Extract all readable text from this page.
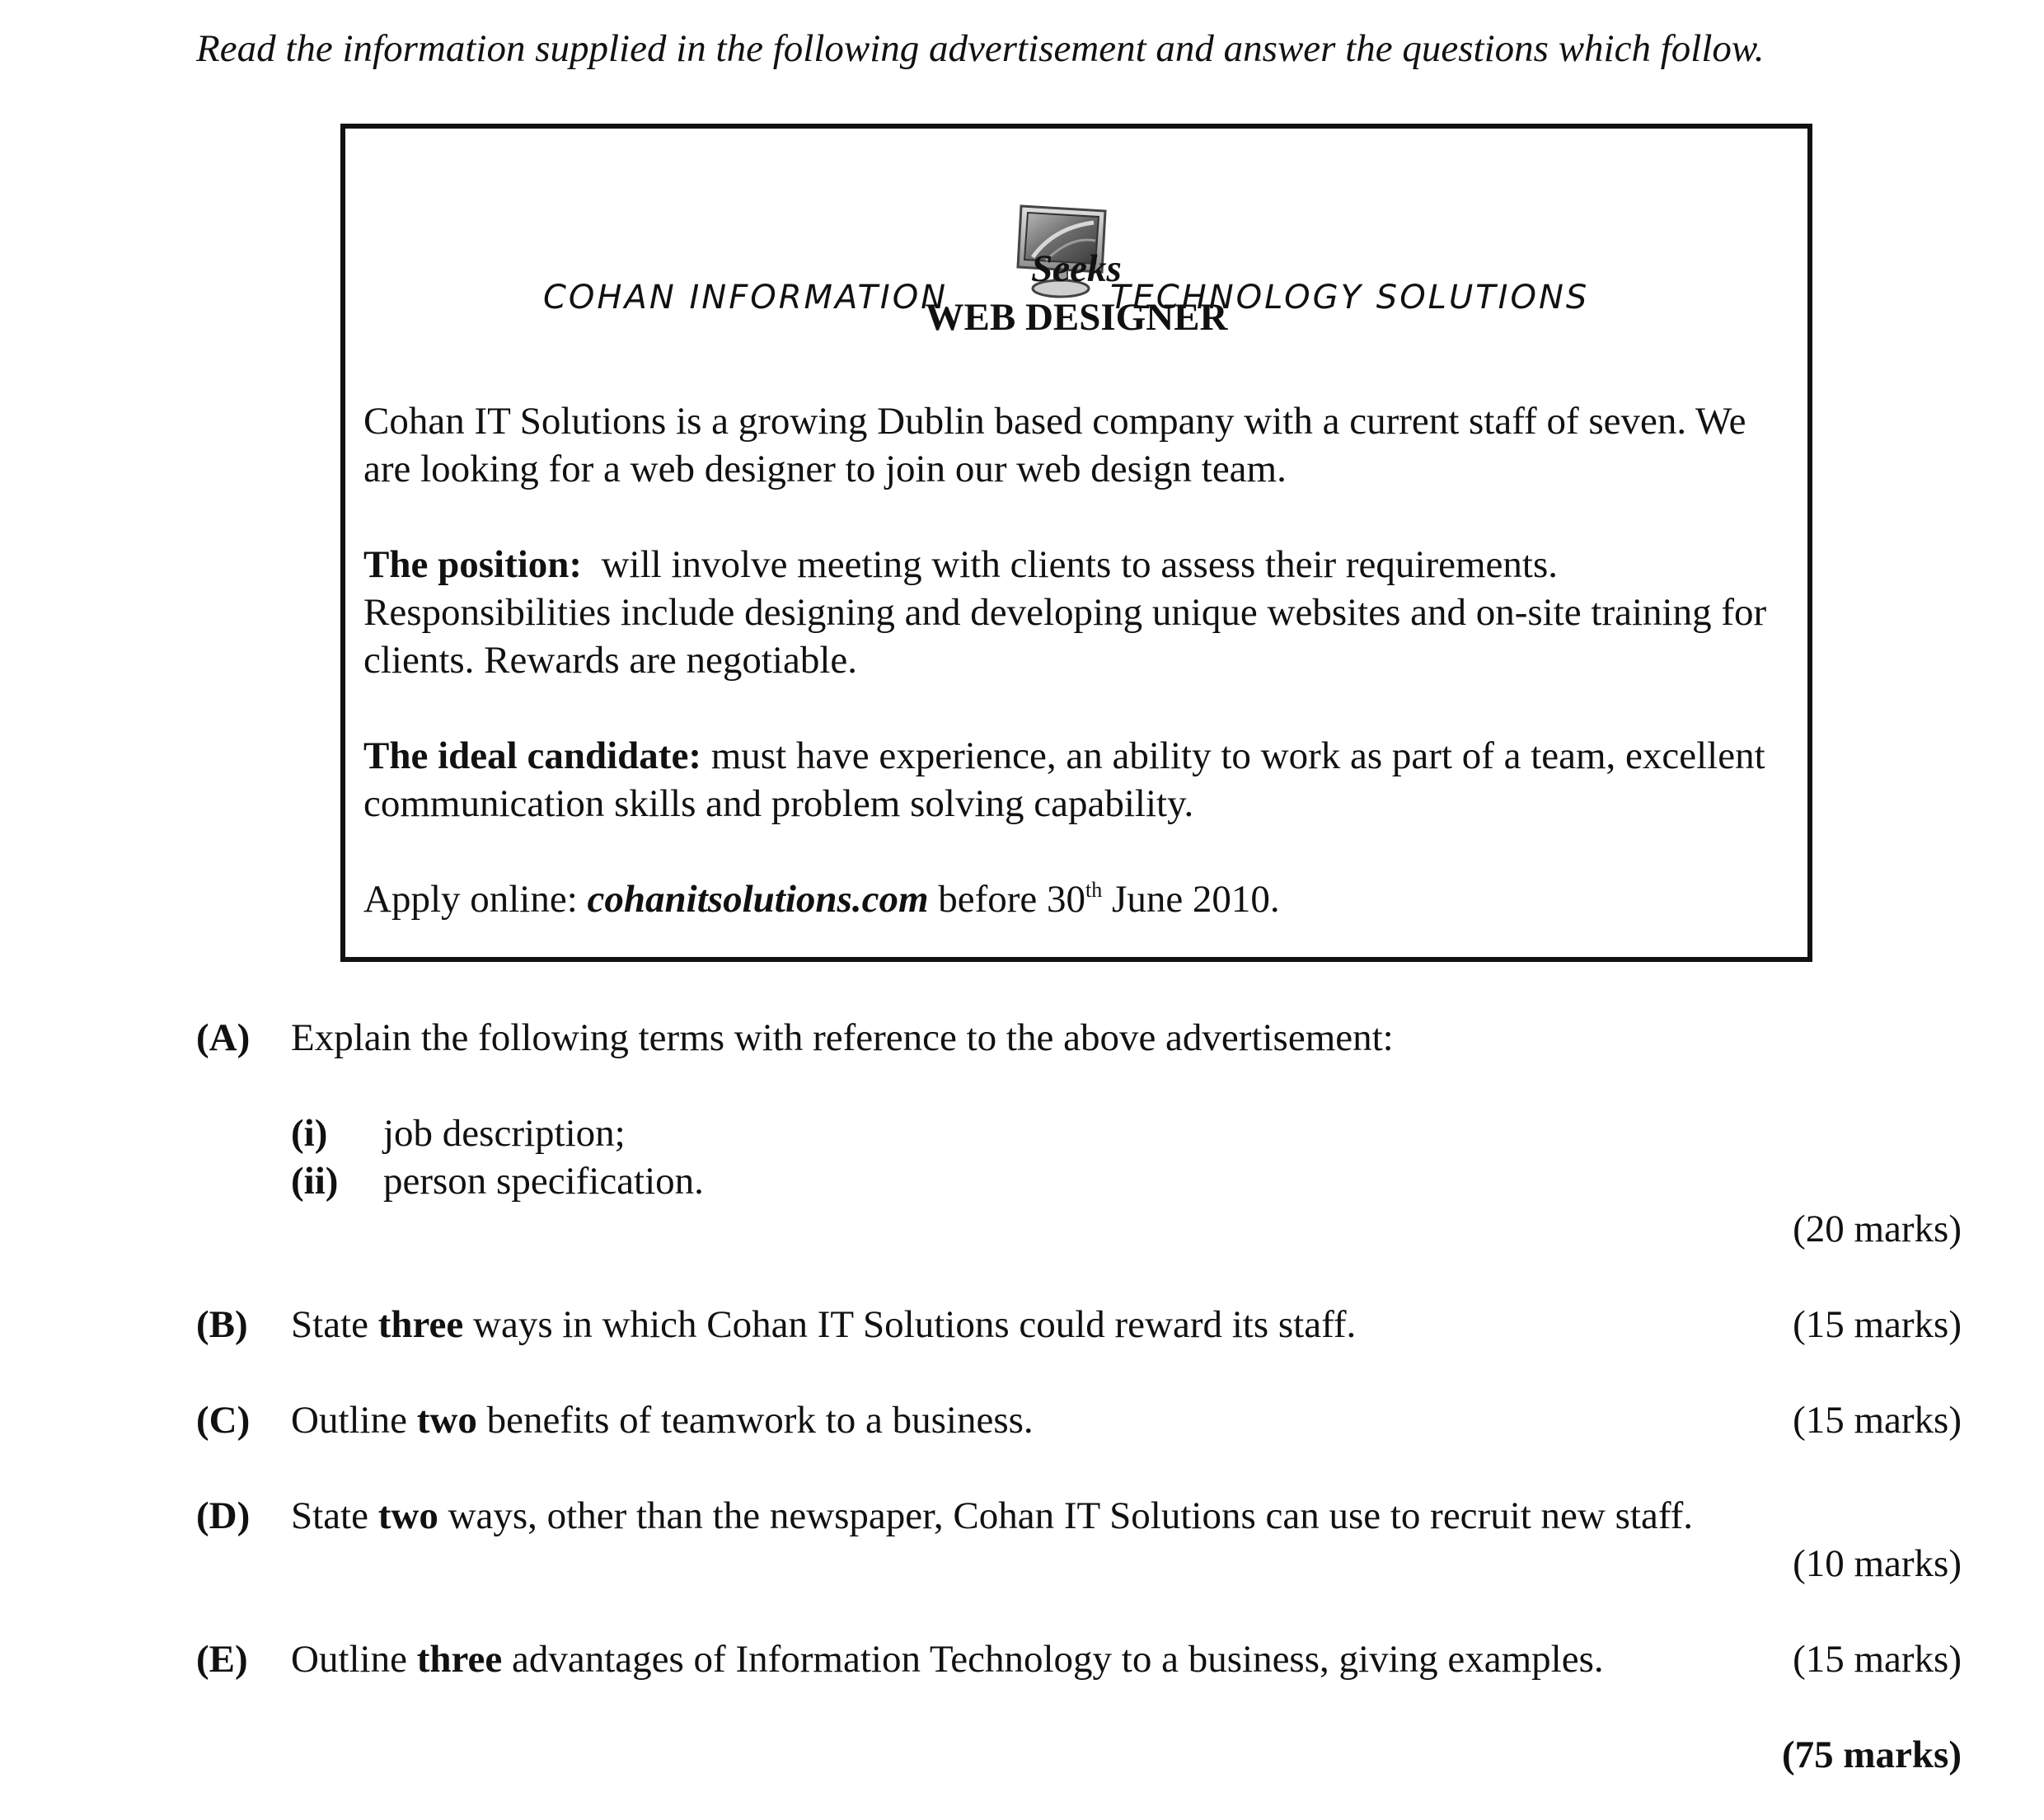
Read the information supplied in the following advertisement and answer the questions which follow.
COHAN INFORMATION	TECHNOLOGY SOLUTIONS
Seeks
WEB DESIGNER
Cohan IT Solutions is a growing Dublin based company with a current staff of seven. We are looking for a web designer to join our web design team.
The position: will involve meeting with clients to assess their requirements. Responsibilities include designing and developing unique websites and on-site training for clients. Rewards are negotiable.
The ideal candidate: must have experience, an ability to work as part of a team, excellent communication skills and problem solving capability.
Apply online: cohanitsolutions.com before 30th June 2010.
(A) Explain the following terms with reference to the above advertisement:
(i) job description;
(ii) person specification.
(20 marks)
(B) State three ways in which Cohan IT Solutions could reward its staff.	(15 marks)
(C) Outline two benefits of teamwork to a business.	(15 marks)
(D) State two ways, other than the newspaper, Cohan IT Solutions can use to recruit new staff.
(10 marks)
(E) Outline three advantages of Information Technology to a business, giving examples.	(15 marks)
(75 marks)
